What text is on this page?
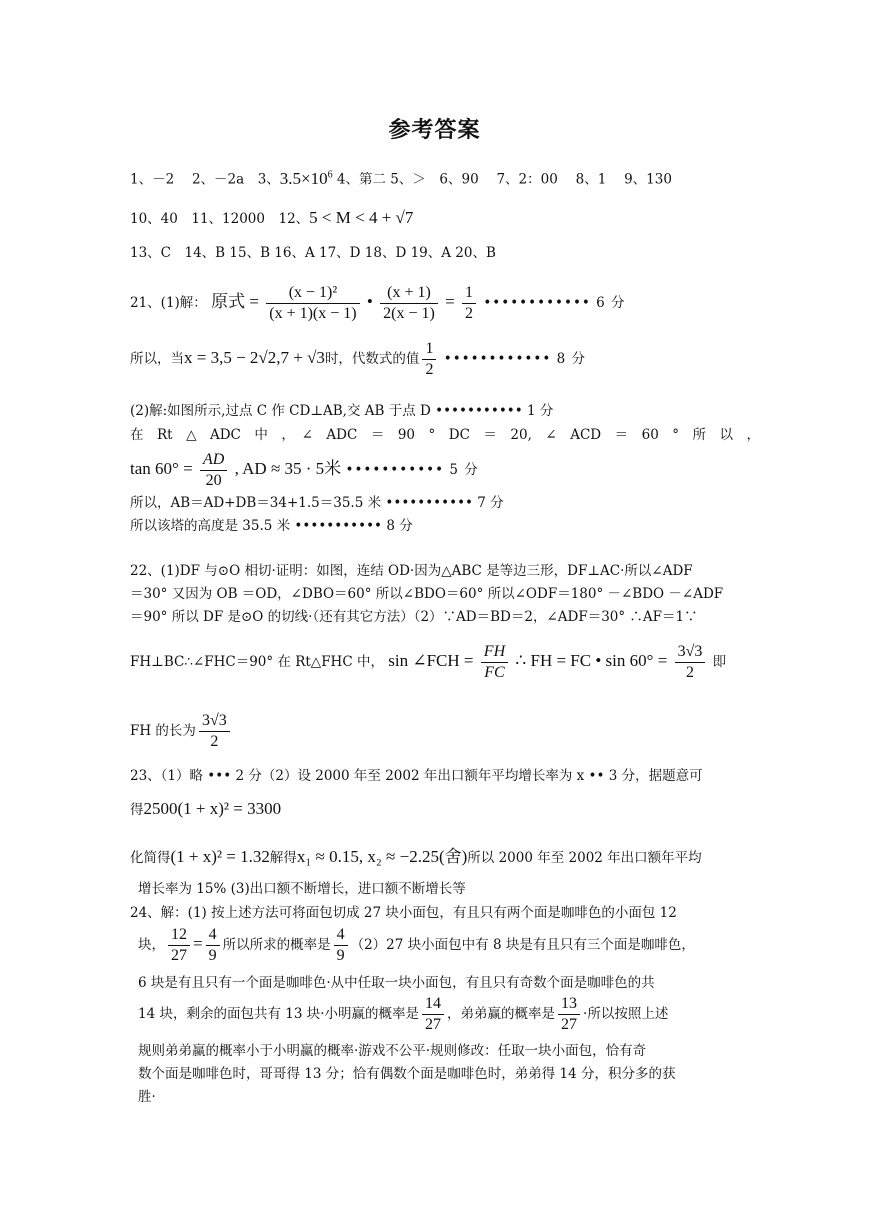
参考答案
1、－2　 2、－2a　3、$3.5\times 10^6$ 4、第二 5、＞　6、90　 7、2：00　 8、1　 9、130
10、40　11、12000　12、5 < M < 4 + √7
13、C　14、B 15、B 16、A 17、D 18、D 19、A 20、B
21、(1)解： 原式 = $\frac{\text{(x − 1)²}}{(x + 1)(x - 1)}$ • $\frac{(x + 1)}{2(x - 1)} = \frac{1}{2}$ •••••••••••• 6 分
所以，当x = 3,5 − 2√2,7 + √3时，代数式的值 $\frac{1}{2}$ •••••••••••• 8 分
(2)解:如图所示,过点 C 作 CD⊥AB,交 AB 于点 D ••••••••••• 1 分
在　Rt　△　ADC　中　，　∠　ADC　＝　90　°　DC　＝　20,　∠　ACD　＝　60　°　所　以　，
$\tan 60^\circ = \frac{AD}{20}$ , AD ≈ 35 · 5米 ••••••••••• 5 分
所以，AB＝AD+DB＝34+1.5＝35.5 米 ••••••••••• 7 分
所以该塔的高度是 35.5 米 ••••••••••• 8 分
22、(1)DF 与⊙O 相切·证明：如图，连结 OD·因为△ABC 是等边三形，DF⊥AC·所以∠ADF
＝30° 又因为 OB ＝OD，∠DBO＝60° 所以∠BDO＝60° 所以∠ODF＝180° －∠BDO －∠ADF
＝90° 所以 DF 是⊙O 的切线·（还有其它方法）（2）∵AD＝BD＝2，∠ADF＝30° ∴AF＝1∵
FH⊥BC∴∠FHC＝90° 在 Rt△FHC 中， sin ∠FCH = $\frac{FH}{FC}$ ∴ FH = FC • $\sin 60^\circ = \frac{3√3}{2}$ 即
FH 的长为 $\frac{3√3}{2}$
23、（1）略 ••• 2 分（2）设 2000 年至 2002 年出口额年平均增长率为 x •• 3 分，据题意可
得2500(1 + x)² = 3300
化简得(1 + x)² = 1.32解得x₁ ≈ 0.15, x₂ ≈ −2.25(舍)所以 2000 年至 2002 年出口额年平均
增长率为 15% (3)出口额不断增长，进口额不断增长等
24、解：(1) 按上述方法可将面包切成 27 块小面包，有且只有两个面是咖啡色的小面包 12
块， $\frac{12}{27} = \frac{4}{9}$ 所以所求的概率是 $\frac{4}{9} (2)27$ 块小面包中有 8 块是有且只有三个面是咖啡色，
6 块是有且只有一个面是咖啡色·从中任取一块小面包，有且只有奇数个面是咖啡色的共
14 块，剩余的面包共有 13 块·小明赢的概率是 $\frac{14}{27}$ ，弟弟赢的概率是 $\frac{13}{27}$ ·所以按照上述
规则弟弟赢的概率小于小明赢的概率·游戏不公平·规则修改：任取一块小面包，恰有奇
数个面是咖啡色时，哥哥得 13 分；恰有偶数个面是咖啡色时，弟弟得 14 分，积分多的获
胜·
